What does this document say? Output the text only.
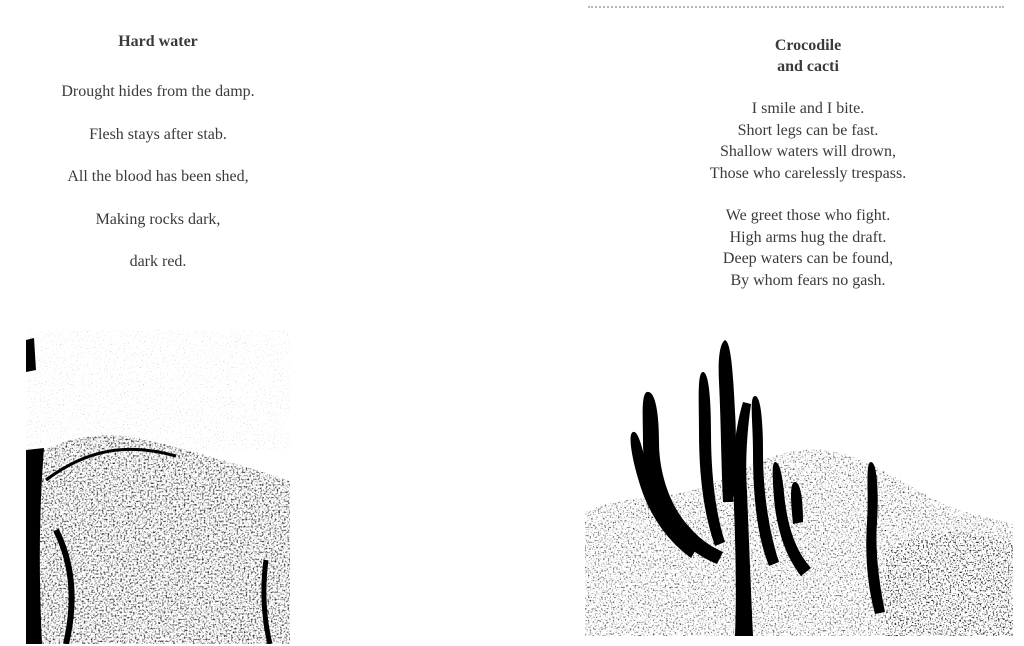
Hard water

Drought hides from the damp.

Flesh stays after stab.

All the blood has been shed,

Making rocks dark,

dark red.

Crocodile

and cacti

I smile and I bite.

Short legs can be fast.

Shallow waters will drown,

Those who carelessly trespass.

We greet those who fight.

High arms hug the draft.

Deep waters can be found,

By whom fears no gash.
